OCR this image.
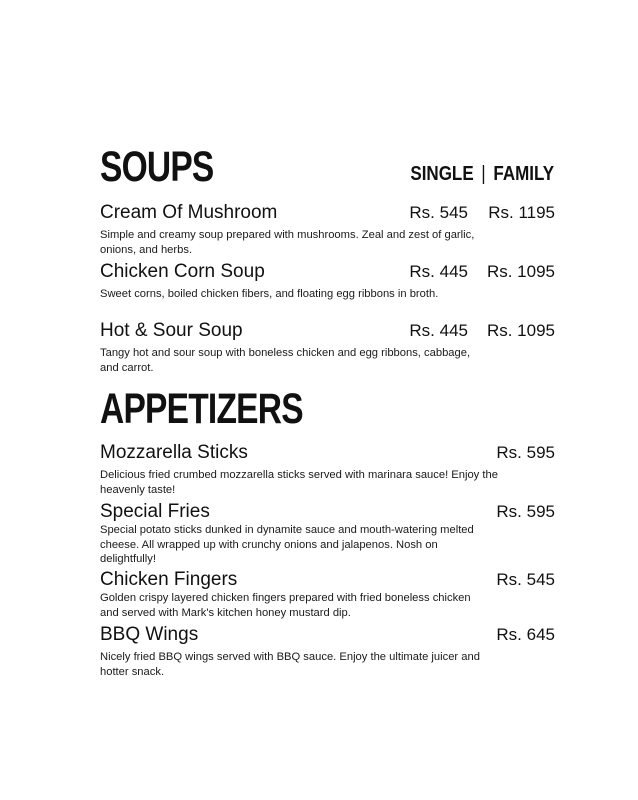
SOUPS	SINGLE | FAMILY
Cream Of Mushroom	Rs. 545 Rs. 1195
Simple and creamy soup prepared with mushrooms. Zeal and zest of garlic, onions, and herbs.
Chicken Corn Soup	Rs. 445 Rs. 1095
Sweet corns, boiled chicken fibers, and floating egg ribbons in broth.
Hot & Sour Soup	Rs. 445 Rs. 1095
Tangy hot and sour soup with boneless chicken and egg ribbons, cabbage, and carrot.
APPETIZERS
Mozzarella Sticks	Rs. 595
Delicious fried crumbed mozzarella sticks served with marinara sauce! Enjoy the heavenly taste!
Special Fries	Rs. 595
Special potato sticks dunked in dynamite sauce and mouth-watering melted cheese. All wrapped up with crunchy onions and jalapenos. Nosh on delightfully!
Chicken Fingers	Rs. 545
Golden crispy layered chicken fingers prepared with fried boneless chicken and served with Mark's kitchen honey mustard dip.
BBQ Wings	Rs. 645
Nicely fried BBQ wings served with BBQ sauce. Enjoy the ultimate juicer and hotter snack.
